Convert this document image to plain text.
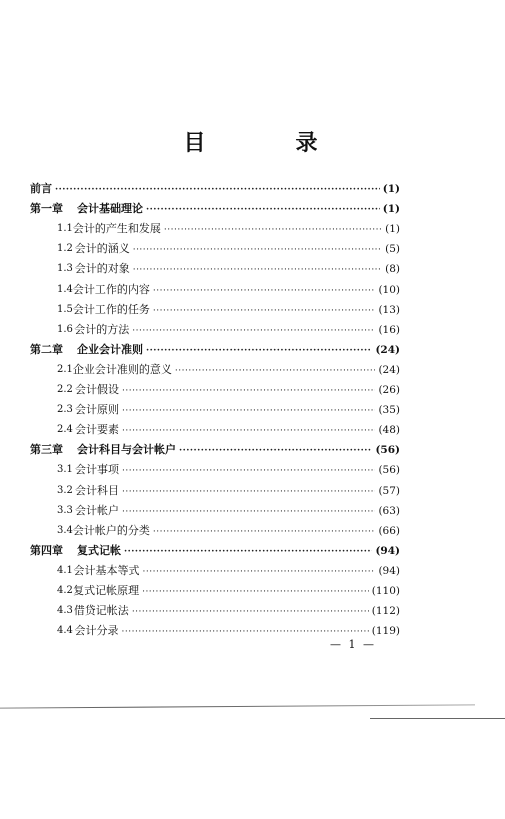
目　录
前言 ·····	(1)
第一章 会计基础理论 ·····	(1)
1.1 会计的产生和发展 ·····	(1)
1.2 会计的涵义 ·····	(5)
1.3 会计的对象 ·····	(8)
1.4 会计工作的内容 ·····	(10)
1.5 会计工作的任务 ·····	(13)
1.6 会计的方法 ·····	(16)
第二章 企业会计准则 ·····	(24)
2.1 企业会计准则的意义 ·····	(24)
2.2 会计假设 ·····	(26)
2.3 会计原则 ·····	(35)
2.4 会计要素 ·····	(48)
第三章 会计科目与会计帐户 ·····	(56)
3.1 会计事项 ·····	(56)
3.2 会计科目 ·····	(57)
3.3 会计帐户 ·····	(63)
3.4 会计帐户的分类 ·····	(66)
第四章 复式记帐 ·····	(94)
4.1 会计基本等式 ·····	(94)
4.2 复式记帐原理 ·····	(110)
4.3 借贷记帐法 ·····	(112)
4.4 会计分录 ·····	(119)
— 1 —
